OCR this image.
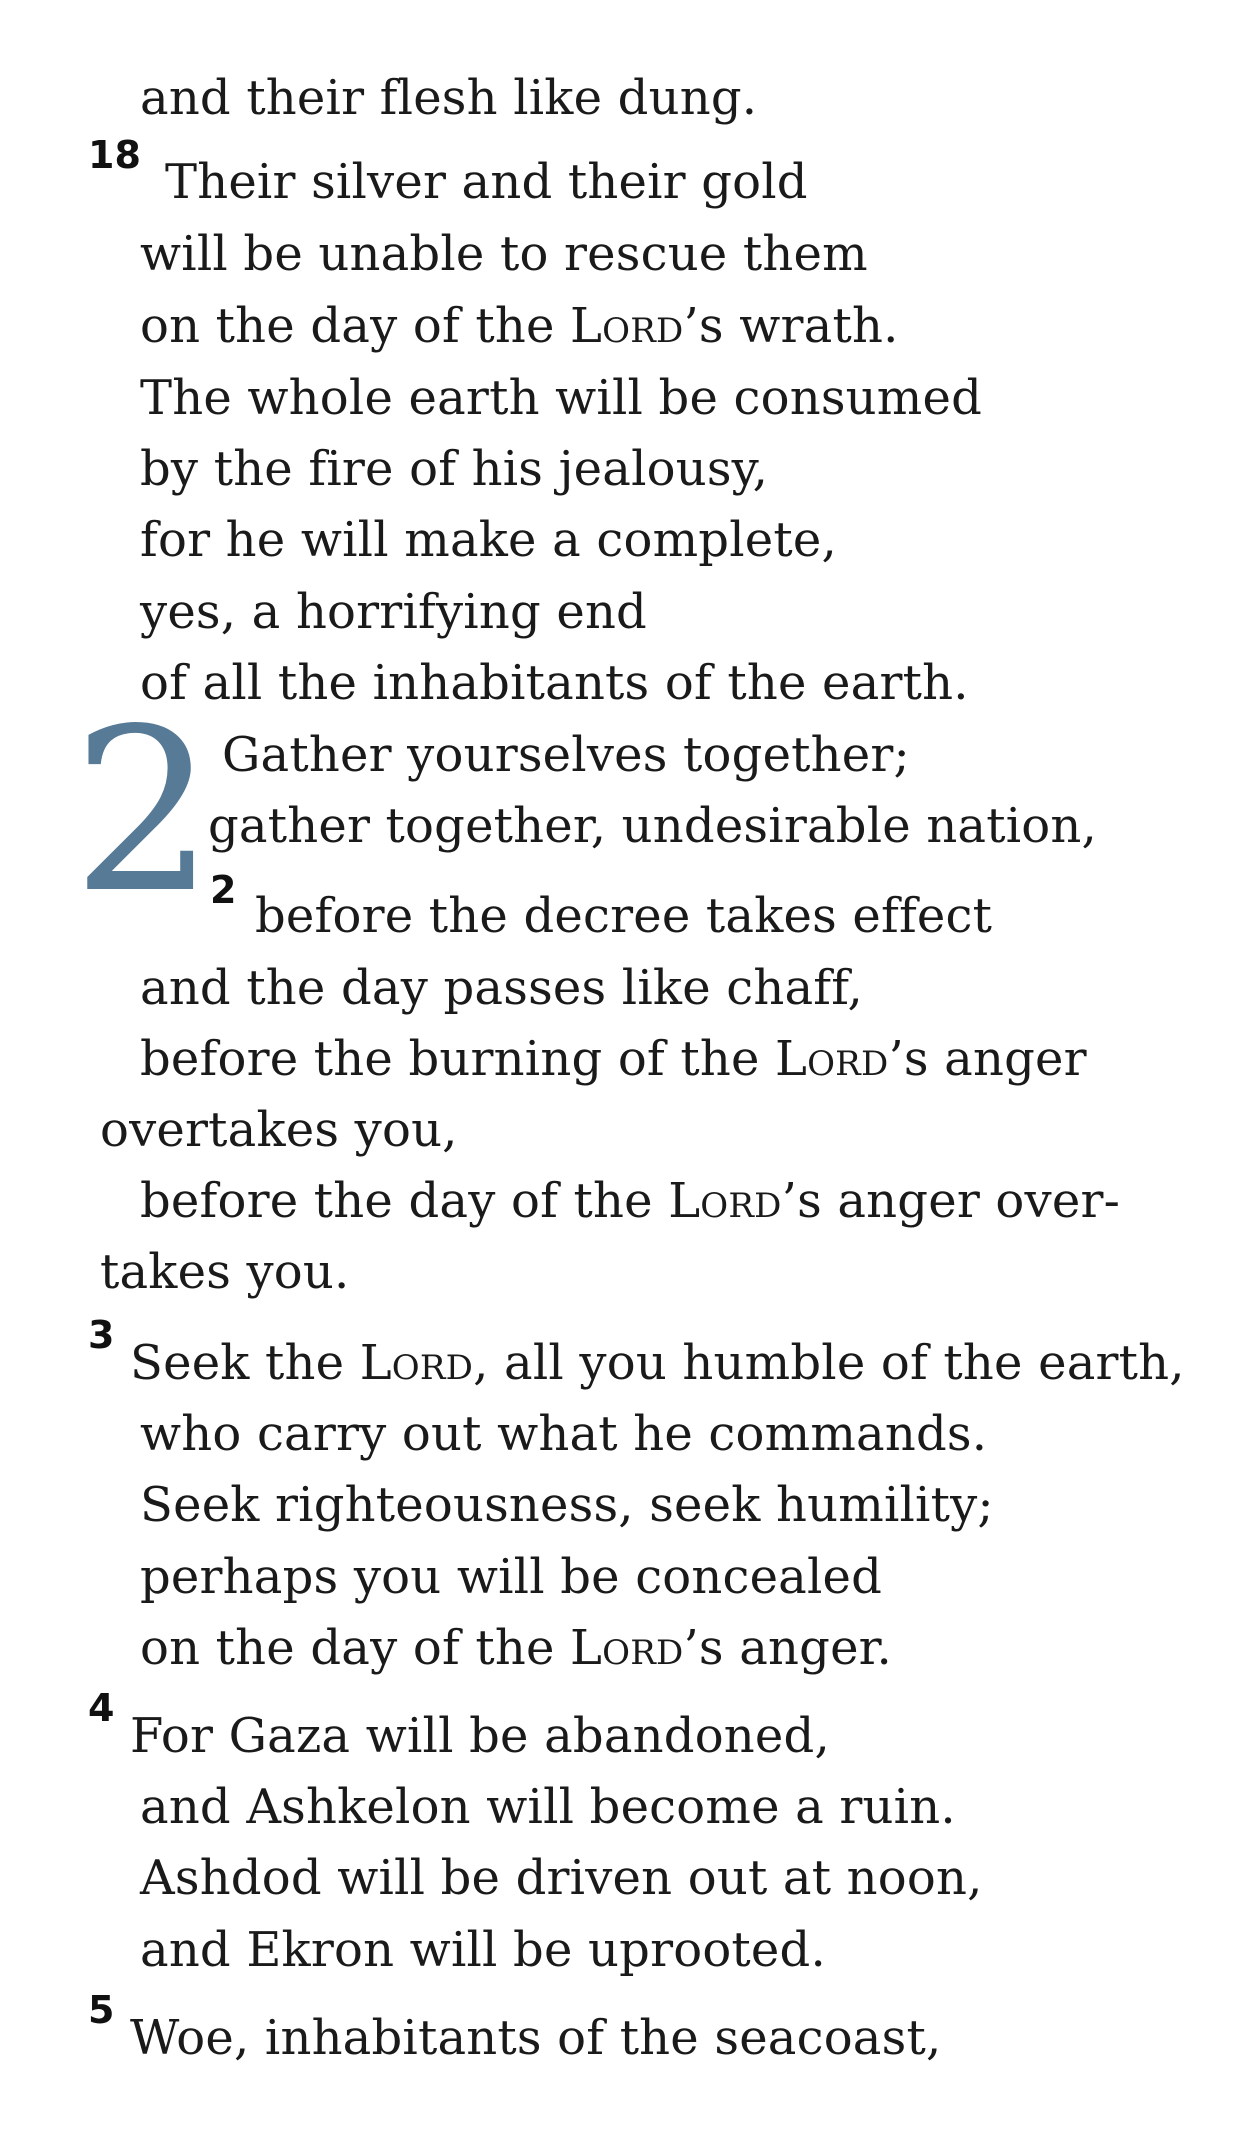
and their flesh like dung.
18 Their silver and their gold
will be unable to rescue them
on the day of the Lord’s wrath.
The whole earth will be consumed
by the fire of his jealousy,
for he will make a complete,
yes, a horrifying end
of all the inhabitants of the earth.
2 Gather yourselves together;
gather together, undesirable nation,
2 before the decree takes effect
and the day passes like chaff,
before the burning of the Lord’s anger
overtakes you,
before the day of the Lord’s anger over-
takes you.
3 Seek the Lord, all you humble of the earth,
who carry out what he commands.
Seek righteousness, seek humility;
perhaps you will be concealed
on the day of the Lord’s anger.
4 For Gaza will be abandoned,
and Ashkelon will become a ruin.
Ashdod will be driven out at noon,
and Ekron will be uprooted.
5 Woe, inhabitants of the seacoast,
